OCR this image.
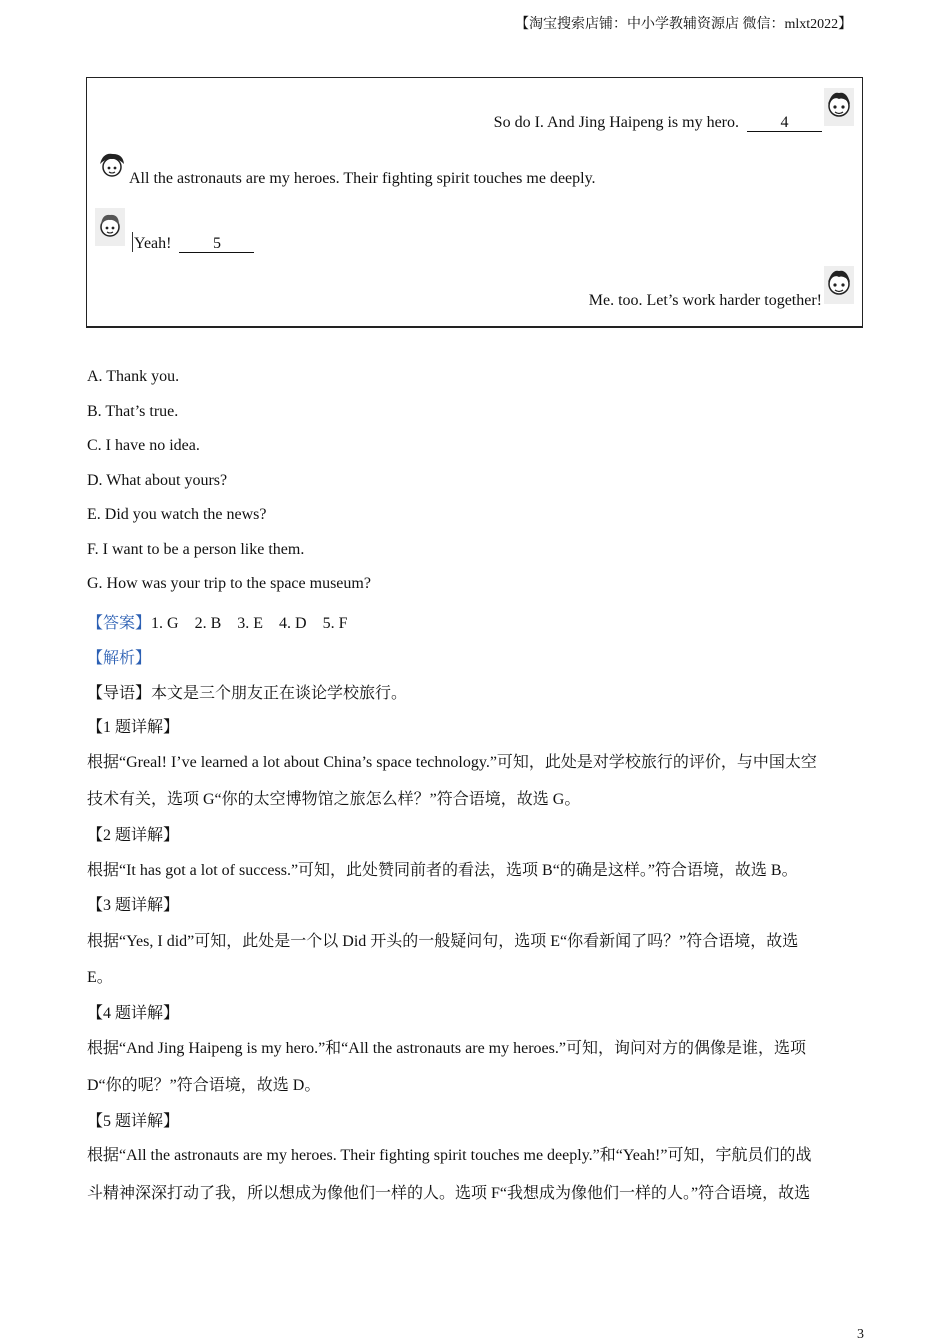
【淘宝搜索店铺：中小学教辅资源店 微信：mlxt2022】
So do I. And Jing Haipeng is my hero.	4
All the astronauts are my heroes. Their fighting spirit touches me deeply.
Yeah!	5
Me. too. Let’s work harder together!
A. Thank you.
B. That’s true.
C. I have no idea.
D. What about yours?
E. Did you watch the news?
F. I want to be a person like them.
G. How was your trip to the space museum?
【答案】1. G    2. B    3. E    4. D    5. F
【解析】
【导语】本文是三个朋友正在谈论学校旅行。
【1 题详解】
根据“Greal! I’ve learned a lot about China’s space technology.”可知，此处是对学校旅行的评价，与中国太空
技术有关，选项 G“你的太空博物馆之旅怎么样？”符合语境，故选 G。
【2 题详解】
根据“It has got a lot of success.”可知，此处赞同前者的看法，选项 B“的确是这样。”符合语境，故选 B。
【3 题详解】
根据“Yes, I did”可知，此处是一个以 Did 开头的一般疑问句，选项 E“你看新闻了吗？”符合语境，故选
E。
【4 题详解】
根据“And Jing Haipeng is my hero.”和“All the astronauts are my heroes.”可知，询问对方的偶像是谁，选项
D“你的呢？”符合语境，故选 D。
【5 题详解】
根据“All the astronauts are my heroes. Their fighting spirit touches me deeply.”和“Yeah!”可知，宇航员们的战
斗精神深深打动了我，所以想成为像他们一样的人。选项 F“我想成为像他们一样的人。”符合语境，故选
3
